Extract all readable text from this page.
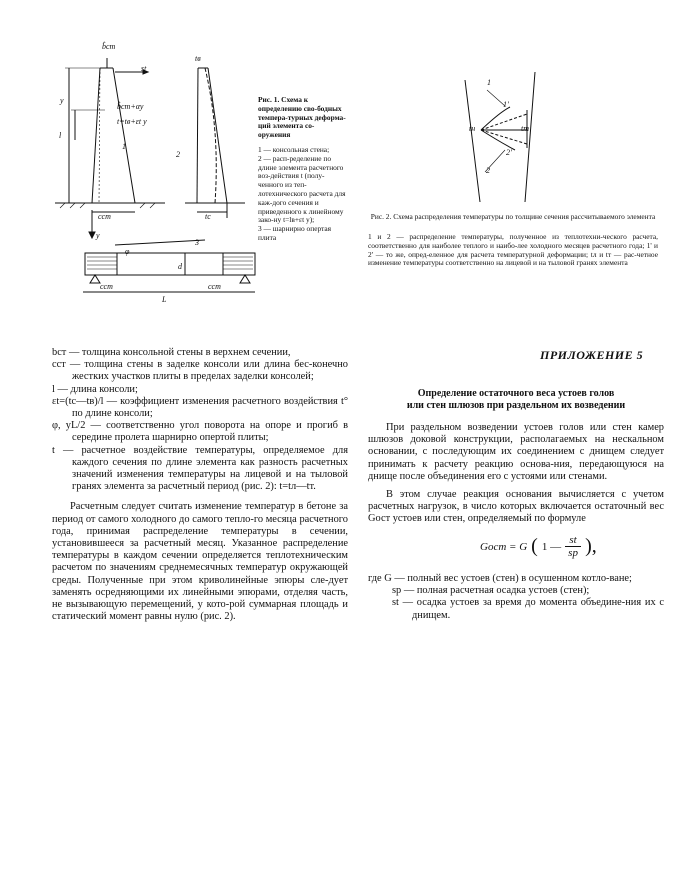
b̂ст
st
y
l
tв
b̂ст+αy
t=tв+εt y
1
2
cст	tс
y
3
φ
d
cст	cст
L
Рис. 1. Схема к определению сво-бодных темпера-турных деформа-ций элемента со-оружения
1 — консольная стена;
2 — расп-ределение по длине элемента расчетного воз-действия t (полу-ченного из теп-лотехнического расчета для каж-дого сечения и приведенного к линейному зако-ну t=lв+εt y);
3 — шарнирно опертая плита
1
1'
2
2'
tн	tт
Рис. 2. Схема распределения температуры по толщине сечения рассчитываемого элемента
1 и 2 — распределение температуры, полученное из теплотехни-ческого расчета, соответственно для наиболее теплого и наибо-лее холодного месяцев расчетного года; 1' и 2' — то же, опред-еленное для расчета температурной деформации; tл и tт — рас-четное изменение температуры соответственно на лицевой и на тыловой гранях элемента

bст — толщина консольной стены в верхнем сечении,

cст — толщина стены в заделке консоли или длина бес-конечно жестких участков плиты в пределах заделки консолей;

l — длина консоли;

εt=(tс—tв)/l — коэффициент изменения расчетного воздействия t° по длине консоли;

φ, yL/2 — соответственно угол поворота на опоре и прогиб в середине пролета шарнирно опертой плиты;

t — расчетное воздействие температуры, определяемое для каждого сечения по длине элемента как разность расчетных значений изменения температуры на лицевой и на тыловой гранях элемента за расчетный период (рис. 2): t=tл—tт.

Расчетным следует считать изменение температур в бетоне за период от самого холодного до самого тепло-го месяца расчетного года, принимая распределение температуры в сечении, установившееся за расчетный месяц. Указанное распределение температуры в каждом сечении определяется теплотехническим расчетом по значениям среднемесячных температур окружающей среды. Полученные при этом криволинейные эпюры сле-дует заменять осредняющими их линейными эпюрами, отделяя часть, не вызывающую перемещений, у кото-рой суммарная площадь и статический момент равны нулю (рис. 2).

ПРИЛОЖЕНИЕ 5
Определение остаточного веса устоев голов
или стен шлюзов при раздельном их возведении

При раздельном возведении устоев голов или стен камер шлюзов доковой конструкции, располагаемых на нескальном основании, с последующим их соединением с днищем следует принимать к расчету реакцию основа-ния, передающуюся на днище после объединения его с устоями или стенами.

В этом случае реакция основания вычисляется с учетом расчетных нагрузок, в число которых включается остаточный вес Gост устоев или стен, определяемый по формуле

Gост = G ( 1 —
st
sp ),

где G — полный вес устоев (стен) в осушенном котло-ване;

sp — полная расчетная осадка устоев (стен);

st — осадка устоев за время до момента объедине-ния их с днищем.
